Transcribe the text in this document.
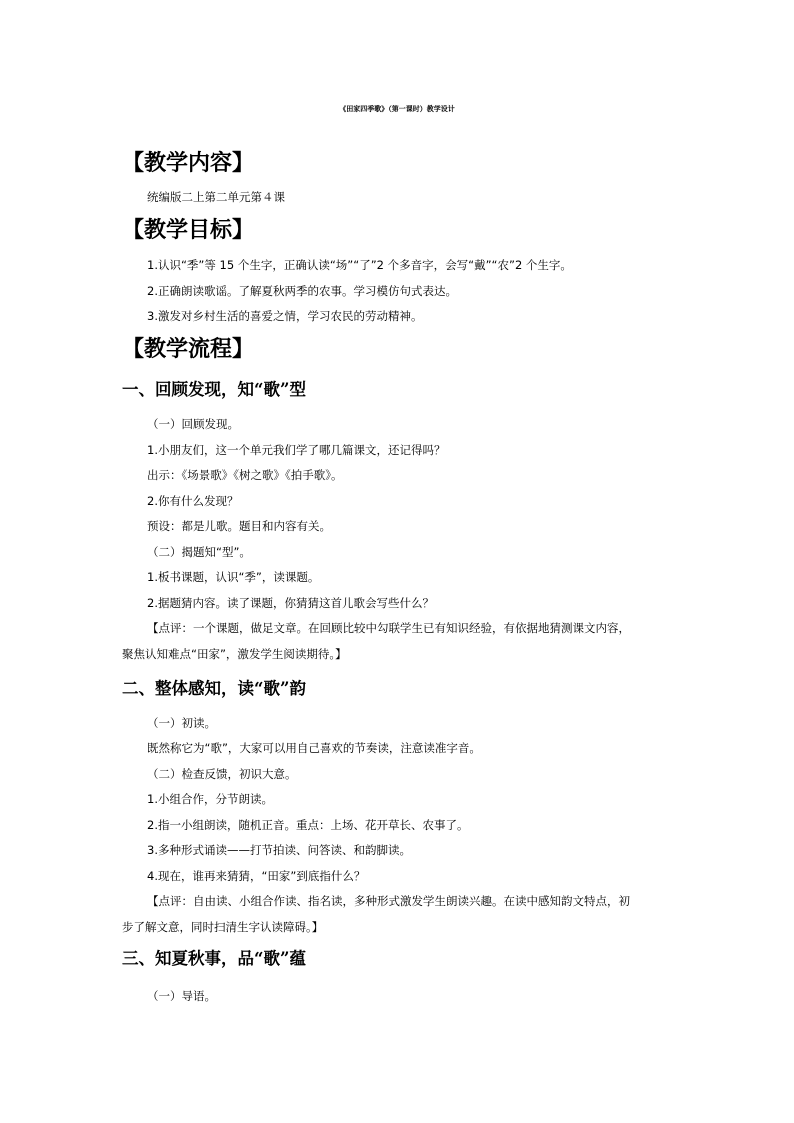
《田家四季歌》（第一课时）教学设计
【教学内容】
统编版二上第二单元第４课
【教学目标】
1.认识“季”等 15 个生字，正确认读“场”“了”2 个多音字，会写“戴”“农”2 个生字。
2.正确朗读歌谣。了解夏秋两季的农事。学习模仿句式表达。
3.激发对乡村生活的喜爱之情，学习农民的劳动精神。
【教学流程】
一、回顾发现，知“歌”型
（一）回顾发现。
1.小朋友们，这一个单元我们学了哪几篇课文，还记得吗？
出示：《场景歌》《树之歌》《拍手歌》。
2.你有什么发现？
预设：都是儿歌。题目和内容有关。
（二）揭题知“型”。
1.板书课题，认识“季”，读课题。
2.据题猜内容。读了课题，你猜猜这首儿歌会写些什么？
【点评：一个课题，做足文章。在回顾比较中勾联学生已有知识经验，有依据地猜测课文内容，
聚焦认知难点“田家”，激发学生阅读期待。】
二、整体感知，读“歌”韵
（一）初读。
既然称它为“歌”，大家可以用自己喜欢的节奏读，注意读准字音。
（二）检查反馈，初识大意。
1.小组合作，分节朗读。
2.指一小组朗读，随机正音。重点：上场、花开草长、农事了。
3.多种形式诵读——打节拍读、问答读、和韵脚读。
4.现在，谁再来猜猜，“田家”到底指什么？
【点评：自由读、小组合作读、指名读，多种形式激发学生朗读兴趣。在读中感知韵文特点，初
步了解文意，同时扫清生字认读障碍。】
三、知夏秋事，品“歌”蕴
（一）导语。
